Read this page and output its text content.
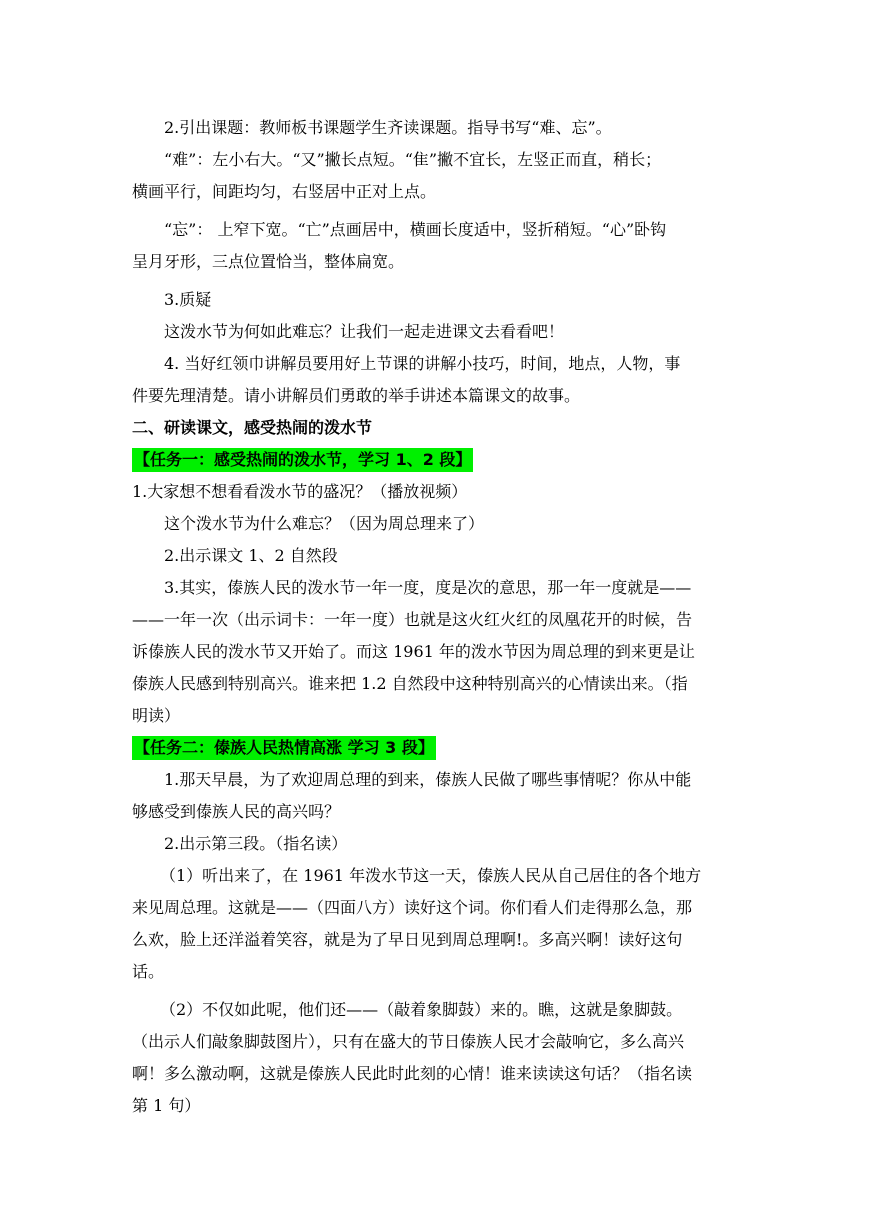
2.引出课题：教师板书课题学生齐读课题。指导书写“难、忘”。

“难”：左小右大。“又”撇长点短。“隹”撇不宜长，左竖正而直，稍长；

横画平行，间距均匀，右竖居中正对上点。

“忘”： 上窄下宽。“亡”点画居中，横画长度适中，竖折稍短。“心”卧钩

呈月牙形，三点位置恰当，整体扁宽。

3.质疑

这泼水节为何如此难忘？让我们一起走进课文去看看吧！

4. 当好红领巾讲解员要用好上节课的讲解小技巧，时间，地点，人物，事

件要先理清楚。请小讲解员们勇敢的举手讲述本篇课文的故事。

二、研读课文，感受热闹的泼水节

【任务一：感受热闹的泼水节，学习 1、2 段】

1.大家想不想看看泼水节的盛况？（播放视频）

这个泼水节为什么难忘？（因为周总理来了）

2.出示课文 1、2 自然段

3.其实，傣族人民的泼水节一年一度，度是次的意思，那一年一度就是——

——一年一次（出示词卡：一年一度）也就是这火红火红的凤凰花开的时候，告

诉傣族人民的泼水节又开始了。而这 1961 年的泼水节因为周总理的到来更是让

傣族人民感到特别高兴。谁来把 1.2 自然段中这种特别高兴的心情读出来。（指

明读）

【任务二：傣族人民热情高涨 学习 3 段】

1.那天早晨，为了欢迎周总理的到来，傣族人民做了哪些事情呢？你从中能

够感受到傣族人民的高兴吗？

2.出示第三段。（指名读）

（1）听出来了，在 1961 年泼水节这一天，傣族人民从自己居住的各个地方

来见周总理。这就是——（四面八方）读好这个词。你们看人们走得那么急，那

么欢，脸上还洋溢着笑容，就是为了早日见到周总理啊!。多高兴啊！读好这句

话。

（2）不仅如此呢，他们还——（敲着象脚鼓）来的。瞧，这就是象脚鼓。

（出示人们敲象脚鼓图片），只有在盛大的节日傣族人民才会敲响它，多么高兴

啊！多么激动啊，这就是傣族人民此时此刻的心情！谁来读读这句话？（指名读

第 1 句）
